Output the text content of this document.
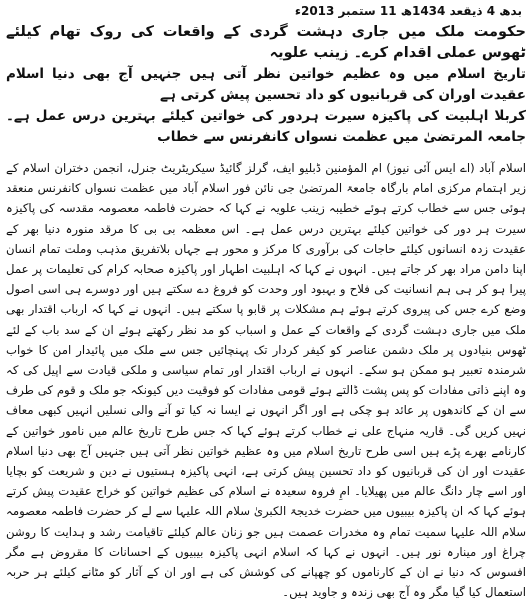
بدھ 4 ذیقعد 1434ھ 11 ستمبر 2013ء

حکومت ملک میں جاری دہشت گردی کے واقعات کی روک تھام کیلئے ٹھوس عملی اقدام کرے۔ زینب علویہ

تاریخ اسلام میں وہ عظیم خواتین نظر آتی ہیں جنہیں آج بھی دنیا اسلام عقیدت اوران کی قربانیوں کو داد تحسین پیش کرتی ہے

کربلا اہلبیت کی پاکیزہ سیرت ہردور کی خواتین کیلئے بہترین درس عمل ہے۔ جامعہ المرتضیٰ میں عظمت نسواں کانفرنس سے خطاب

اسلام آباد (اے ایس آئی نیوز) ام المؤمنین ڈبلیو ایف، گرلز گائیڈ سیکریٹریٹ جنرل، انجمن دختران اسلام کے زیر اہتمام مرکزی امام بارگاہ جامعۃ المرتضیٰ جی نائن فور اسلام آباد میں عظمت نسواں کانفرنس منعقد ہوئی جس سے خطاب کرتے ہوئے خطیبہ زینب علویہ نے کہا کہ حضرت فاطمہ معصومہ مقدسہ کی پاکیزہ سیرت ہر دور کی خواتین کیلئے بہترین درس عمل ہے۔ اس معظمہ بی بی کا مرقد منورہ دنیا بھر کے عقیدت زدہ انسانوں کیلئے حاجات کی برآوری کا مرکز و محور ہے جہاں بلاتفریق مذہب وملت تمام انسان اپنا دامن مراد بھر کر جاتے ہیں۔ انہوں نے کہا کہ اہلبیت اطہار اور پاکیزہ صحابہ کرام کی تعلیمات پر عمل پیرا ہو کر ہی ہم انسانیت کی فلاح و بہبود اور وحدت کو فروغ دے سکتے ہیں اور دوسرے ہی اسی اصول وضع کرے جس کی پیروی کرتے ہوئے ہم مشکلات پر قابو پا سکتے ہیں۔ انہوں نے کہا کہ ارباب اقتدار بھی ملک میں جاری دہشت گردی کے واقعات کے عمل و اسباب کو مد نظر رکھتے ہوئے ان کے سد باب کے لئے ٹھوس بنیادوں پر ملک دشمن عناصر کو کیفر کردار تک پہنچائیں جس سے ملک میں پائیدار امن کا خواب شرمندہ تعبیر ہو ممکن ہو سکے۔ انہوں نے ارباب اقتدار اور تمام سیاسی و ملکی قیادت سے اپیل کی کہ وہ اپنے ذاتی مفادات کو پس پشت ڈالتے ہوئے قومی مفادات کو فوقیت دیں کیونکہ جو ملک و قوم کی طرف سے ان کے کاندھوں پر عائد ہو چکی ہے اور اگر انہوں نے ایسا نہ کیا تو آنے والی نسلیں انہیں کبھی معاف نہیں کریں گی۔ قاریہ منہاج علی نے خطاب کرتے ہوئے کہا کہ جس طرح تاریخ عالم میں نامور خواتین کے کارنامے بھرے پڑے ہیں اسی طرح تاریخ اسلام میں وہ عظیم خواتین نظر آتی ہیں جنہیں آج بھی دنیا اسلام عقیدت اور ان کی قربانیوں کو داد تحسین پیش کرتی ہے، انہی پاکیزہ ہستیوں نے دین و شریعت کو بچایا اور اسے چار دانگ عالم میں پھیلایا۔ امِ فروہ سعیدہ نے اسلام کی عظیم خواتین کو خراج عقیدت پیش کرتے ہوئے کہا کہ ان پاکیزہ بیبیوں میں حضرت خدیجۃ الکبریٰ سلام اللہ علیہا سے لے کر حضرت فاطمہ معصومہ سلام اللہ علیہا سمیت تمام وہ مخدرات عصمت ہیں جو زنان عالم کیلئے تاقیامت رشد و ہدایت کا روشن چراغ اور مینارہ نور ہیں۔ انہوں نے کہا کہ اسلام انہی پاکیزہ بیبیوں کے احسانات کا مقروض ہے مگر افسوس کہ دنیا نے ان کے کارناموں کو چھپانے کی کوشش کی ہے اور ان کے آثار کو مٹانے کیلئے ہر حربہ استعمال کیا گیا مگر وہ آج بھی زندہ و جاوید ہیں۔
